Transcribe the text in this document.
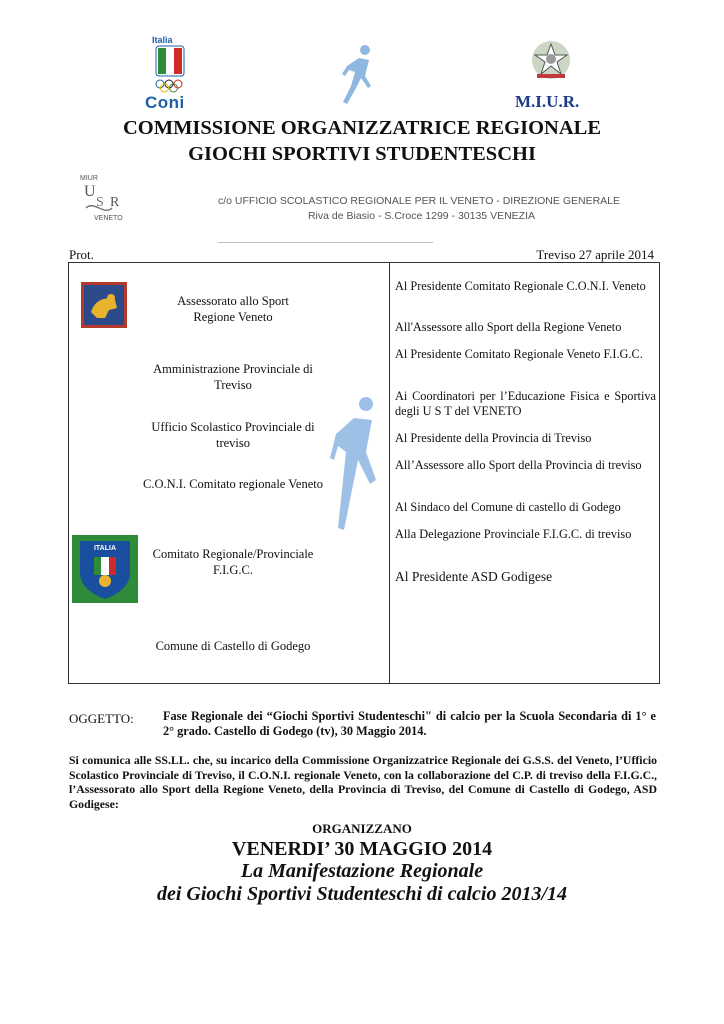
Italia
Coni	M.I.U.R.
COMMISSIONE ORGANIZZATRICE REGIONALE
GIOCHI SPORTIVI STUDENTESCHI
MIUR
U
S R
VENETO
c/o UFFICIO SCOLASTICO REGIONALE PER IL VENETO - DIREZIONE GENERALE
Riva de Biasio - S.Croce 1299 - 30135 VENEZIA
Prot.	Treviso 27 aprile 2014
Assessorato allo Sport
Regione Veneto
Amministrazione Provinciale di Treviso
Ufficio Scolastico Provinciale di treviso
C.O.N.I. Comitato regionale Veneto
Comitato Regionale/Provinciale F.I.G.C.
Comune di Castello di Godego
ITALIA
Al Presidente Comitato Regionale C.O.N.I. Veneto
All'Assessore allo Sport della Regione Veneto
Al Presidente Comitato Regionale Veneto F.I.G.C.
Ai Coordinatori per l’Educazione Fisica e Sportiva degli U S T del VENETO
Al Presidente della Provincia di Treviso
All’Assessore allo Sport della Provincia di treviso
Al Sindaco del Comune di castello di Godego
Alla Delegazione Provinciale F.I.G.C. di treviso
Al Presidente ASD Godigese
OGGETTO: Fase Regionale dei “Giochi Sportivi Studenteschi" di calcio per la Scuola Secondaria di 1° e 2° grado. Castello di Godego (tv), 30 Maggio 2014.
Si comunica alle SS.LL. che, su incarico della Commissione Organizzatrice Regionale dei G.S.S. del Veneto, l’Ufficio Scolastico Provinciale di Treviso, il C.O.N.I. regionale Veneto, con la collaborazione del C.P. di treviso della F.I.G.C., l’Assessorato allo Sport della Regione Veneto, della Provincia di Treviso, del Comune di Castello di Godego, ASD Godigese:
ORGANIZZANO
VENERDI’ 30 MAGGIO 2014
La Manifestazione Regionale
dei Giochi Sportivi Studenteschi di calcio 2013/14
